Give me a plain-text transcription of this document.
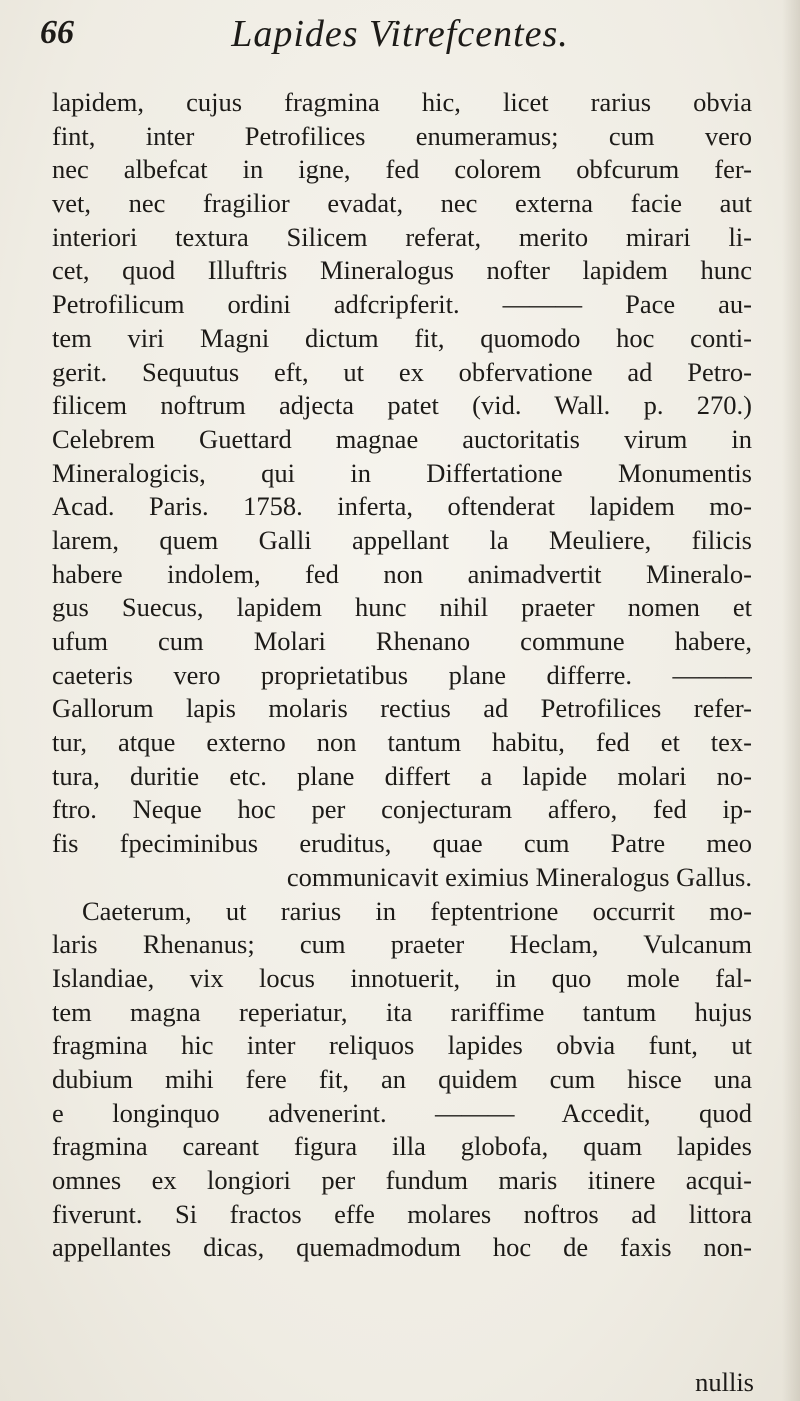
66	Lapides Vitrefcentes.
lapidem, cujus fragmina hic, licet rarius obvia
fint, inter Petrofilices enumeramus; cum vero
nec albefcat in igne, fed colorem obfcurum fer-
vet, nec fragilior evadat, nec externa facie aut
interiori textura Silicem referat, merito mirari li-
cet, quod Illuftris Mineralogus nofter lapidem hunc
Petrofilicum ordini adfcripferit. ——— Pace au-
tem viri Magni dictum fit, quomodo hoc conti-
gerit. Sequutus eft, ut ex obfervatione ad Petro-
filicem noftrum adjecta patet (vid. Wall. p. 270.)
Celebrem Guettard magnae auctoritatis virum in
Mineralogicis, qui in Differtatione Monumentis
Acad. Paris. 1758. inferta, oftenderat lapidem mo-
larem, quem Galli appellant la Meuliere, filicis
habere indolem, fed non animadvertit Mineralo-
gus Suecus, lapidem hunc nihil praeter nomen et
ufum cum Molari Rhenano commune habere,
caeteris vero proprietatibus plane differre. ———
Gallorum lapis molaris rectius ad Petrofilices refer-
tur, atque externo non tantum habitu, fed et tex-
tura, duritie etc. plane differt a lapide molari no-
ftro. Neque hoc per conjecturam affero, fed ip-
fis fpeciminibus eruditus, quae cum Patre meo
communicavit eximius Mineralogus Gallus.
Caeterum, ut rarius in feptentrione occurrit mo-
laris Rhenanus; cum praeter Heclam, Vulcanum
Islandiae, vix locus innotuerit, in quo mole fal-
tem magna reperiatur, ita rariffime tantum hujus
fragmina hic inter reliquos lapides obvia funt, ut
dubium mihi fere fit, an quidem cum hisce una
e longinquo advenerint. ——— Accedit, quod
fragmina careant figura illa globofa, quam lapides
omnes ex longiori per fundum maris itinere acqui-
fiverunt. Si fractos effe molares noftros ad littora
appellantes dicas, quemadmodum hoc de faxis non-
nullis
